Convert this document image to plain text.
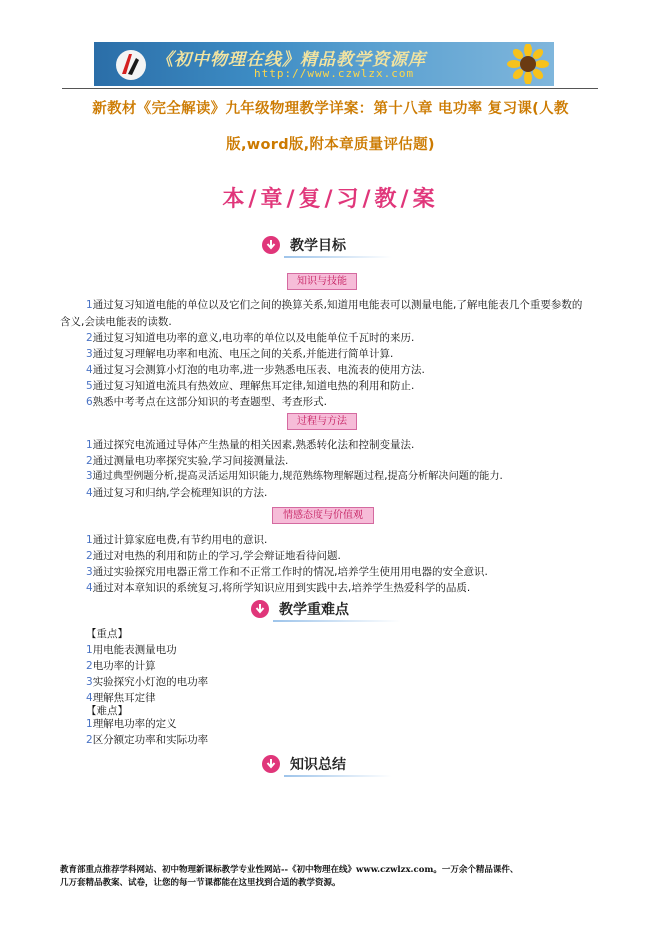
《初中物理在线》精品教学资源库
http://www.czwlzx.com
新教材《完全解读》九年级物理教学详案：第十八章 电功率 复习课(人教
版,word版,附本章质量评估题)
本/章/复/习/教/案
教学目标
知识与技能
1通过复习知道电能的单位以及它们之间的换算关系,知道用电能表可以测量电能,了解电能表几个重要参数的含义,会读电能表的读数.
2通过复习知道电功率的意义,电功率的单位以及电能单位千瓦时的来历.
3通过复习理解电功率和电流、电压之间的关系,并能进行简单计算.
4通过复习会测算小灯泡的电功率,进一步熟悉电压表、电流表的使用方法.
5通过复习知道电流具有热效应、理解焦耳定律,知道电热的利用和防止.
6熟悉中考考点在这部分知识的考查题型、考查形式.
过程与方法
1通过探究电流通过导体产生热量的相关因素,熟悉转化法和控制变量法.
2通过测量电功率探究实验,学习间接测量法.
3通过典型例题分析,提高灵活运用知识能力,规范熟练物理解题过程,提高分析解决问题的能力.
4通过复习和归纳,学会梳理知识的方法.
情感态度与价值观
1通过计算家庭电费,有节约用电的意识.
2通过对电热的利用和防止的学习,学会辩证地看待问题.
3通过实验探究用电器正常工作和不正常工作时的情况,培养学生使用用电器的安全意识.
4通过对本章知识的系统复习,将所学知识应用到实践中去,培养学生热爱科学的品质.
教学重难点
【重点】
1用电能表测量电功
2电功率的计算
3实验探究小灯泡的电功率
4理解焦耳定律
【难点】
1理解电功率的定义
2区分额定功率和实际功率
知识总结
教育部重点推荐学科网站、初中物理新课标教学专业性网站--《初中物理在线》www.czwlzx.com。一万余个精品课件、
几万套精品教案、试卷，让您的每一节课都能在这里找到合适的教学资源。
